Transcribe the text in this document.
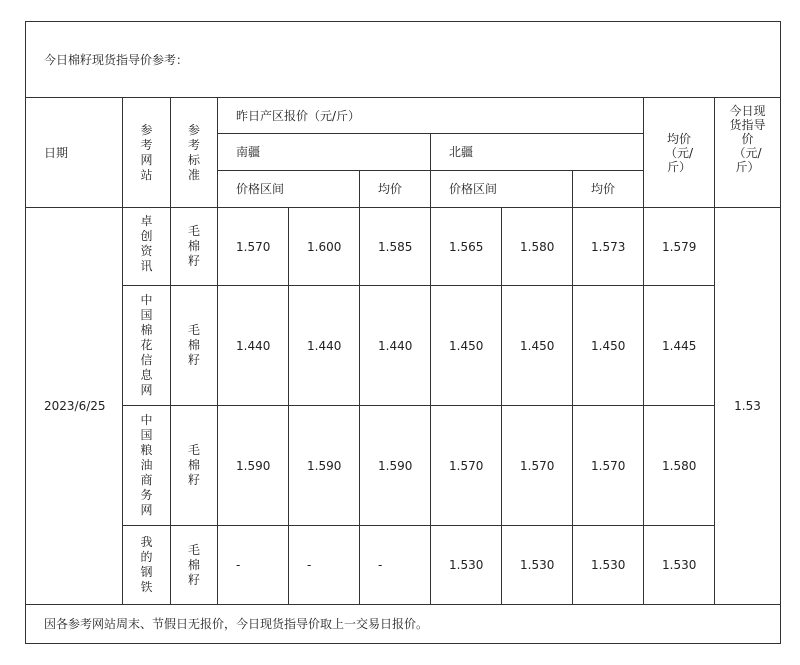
今日棉籽现货指导价参考：										
日期	参考网站	参考标准	昨日产区报价（元/斤）						均价（元/斤）	今日现货指导价（元/斤）
			南疆			北疆				
			价格区间		均价	价格区间		均价		
2023/6/25	卓创资讯	毛棉籽	1.570	1.600	1.585	1.565	1.580	1.573	1.579	1.53
	中国棉花信息网	毛棉籽	1.440	1.440	1.440	1.450	1.450	1.450	1.445	
	中国粮油商务网	毛棉籽	1.590	1.590	1.590	1.570	1.570	1.570	1.580	
	我的钢铁	毛棉籽	-	-	-	1.530	1.530	1.530	1.530	
因各参考网站周末、节假日无报价，今日现货指导价取上一交易日报价。										
